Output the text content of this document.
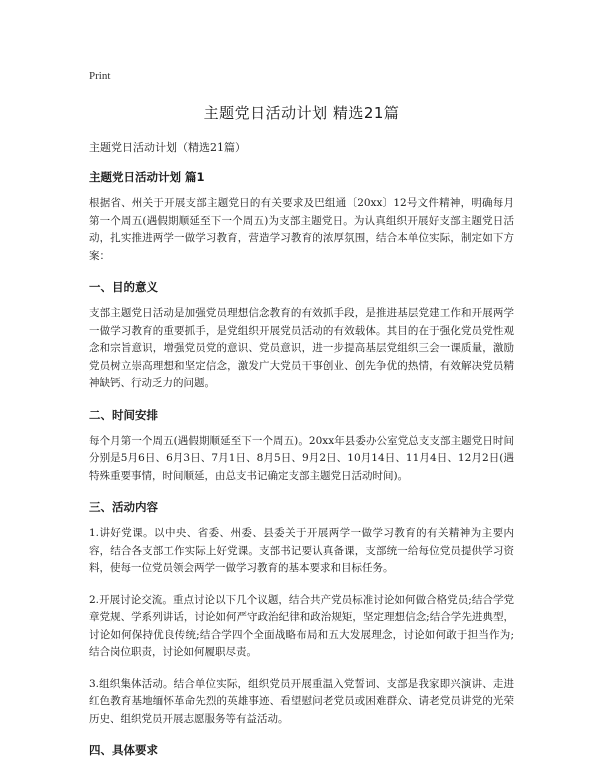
Print
主题党日活动计划 精选21篇

主题党日活动计划（精选21篇）

主题党日活动计划 篇1

根据省、州关于开展支部主题党日的有关要求及巴组通〔20xx〕12号文件精神，明确每月第一个周五(遇假期顺延至下一个周五)为支部主题党日。为认真组织开展好支部主题党日活动，扎实推进两学一做学习教育，营造学习教育的浓厚氛围，结合本单位实际，制定如下方案：

一、目的意义

支部主题党日活动是加强党员理想信念教育的有效抓手段，是推进基层党建工作和开展两学一做学习教育的重要抓手，是党组织开展党员活动的有效载体。其目的在于强化党员党性观念和宗旨意识，增强党员党的意识、党员意识，进一步提高基层党组织三会一课质量，激励党员树立崇高理想和坚定信念，激发广大党员干事创业、创先争优的热情，有效解决党员精神缺钙、行动乏力的问题。

二、时间安排

每个月第一个周五(遇假期顺延至下一个周五)。20xx年县委办公室党总支支部主题党日时间分别是5月6日、6月3日、7月1日、8月5日、9月2日、10月14日、11月4日、12月2日(遇特殊重要事情，时间顺延，由总支书记确定支部主题党日活动时间)。

三、活动内容

1.讲好党课。以中央、省委、州委、县委关于开展两学一做学习教育的有关精神为主要内容，结合各支部工作实际上好党课。支部书记要认真备课，支部统一给每位党员提供学习资料，使每一位党员领会两学一做学习教育的基本要求和目标任务。

2.开展讨论交流。重点讨论以下几个议题，结合共产党员标准讨论如何做合格党员;结合学党章党规、学系列讲话，讨论如何严守政治纪律和政治规矩，坚定理想信念;结合学先进典型，讨论如何保持优良传统;结合学四个全面战略布局和五大发展理念，讨论如何敢于担当作为;结合岗位职责，讨论如何履职尽责。

3.组织集体活动。结合单位实际，组织党员开展重温入党誓词、支部是我家即兴演讲、走进红色教育基地缅怀革命先烈的英雄事迹、看望慰问老党员或困难群众、请老党员讲党的光荣历史、组织党员开展志愿服务等有益活动。

四、具体要求
